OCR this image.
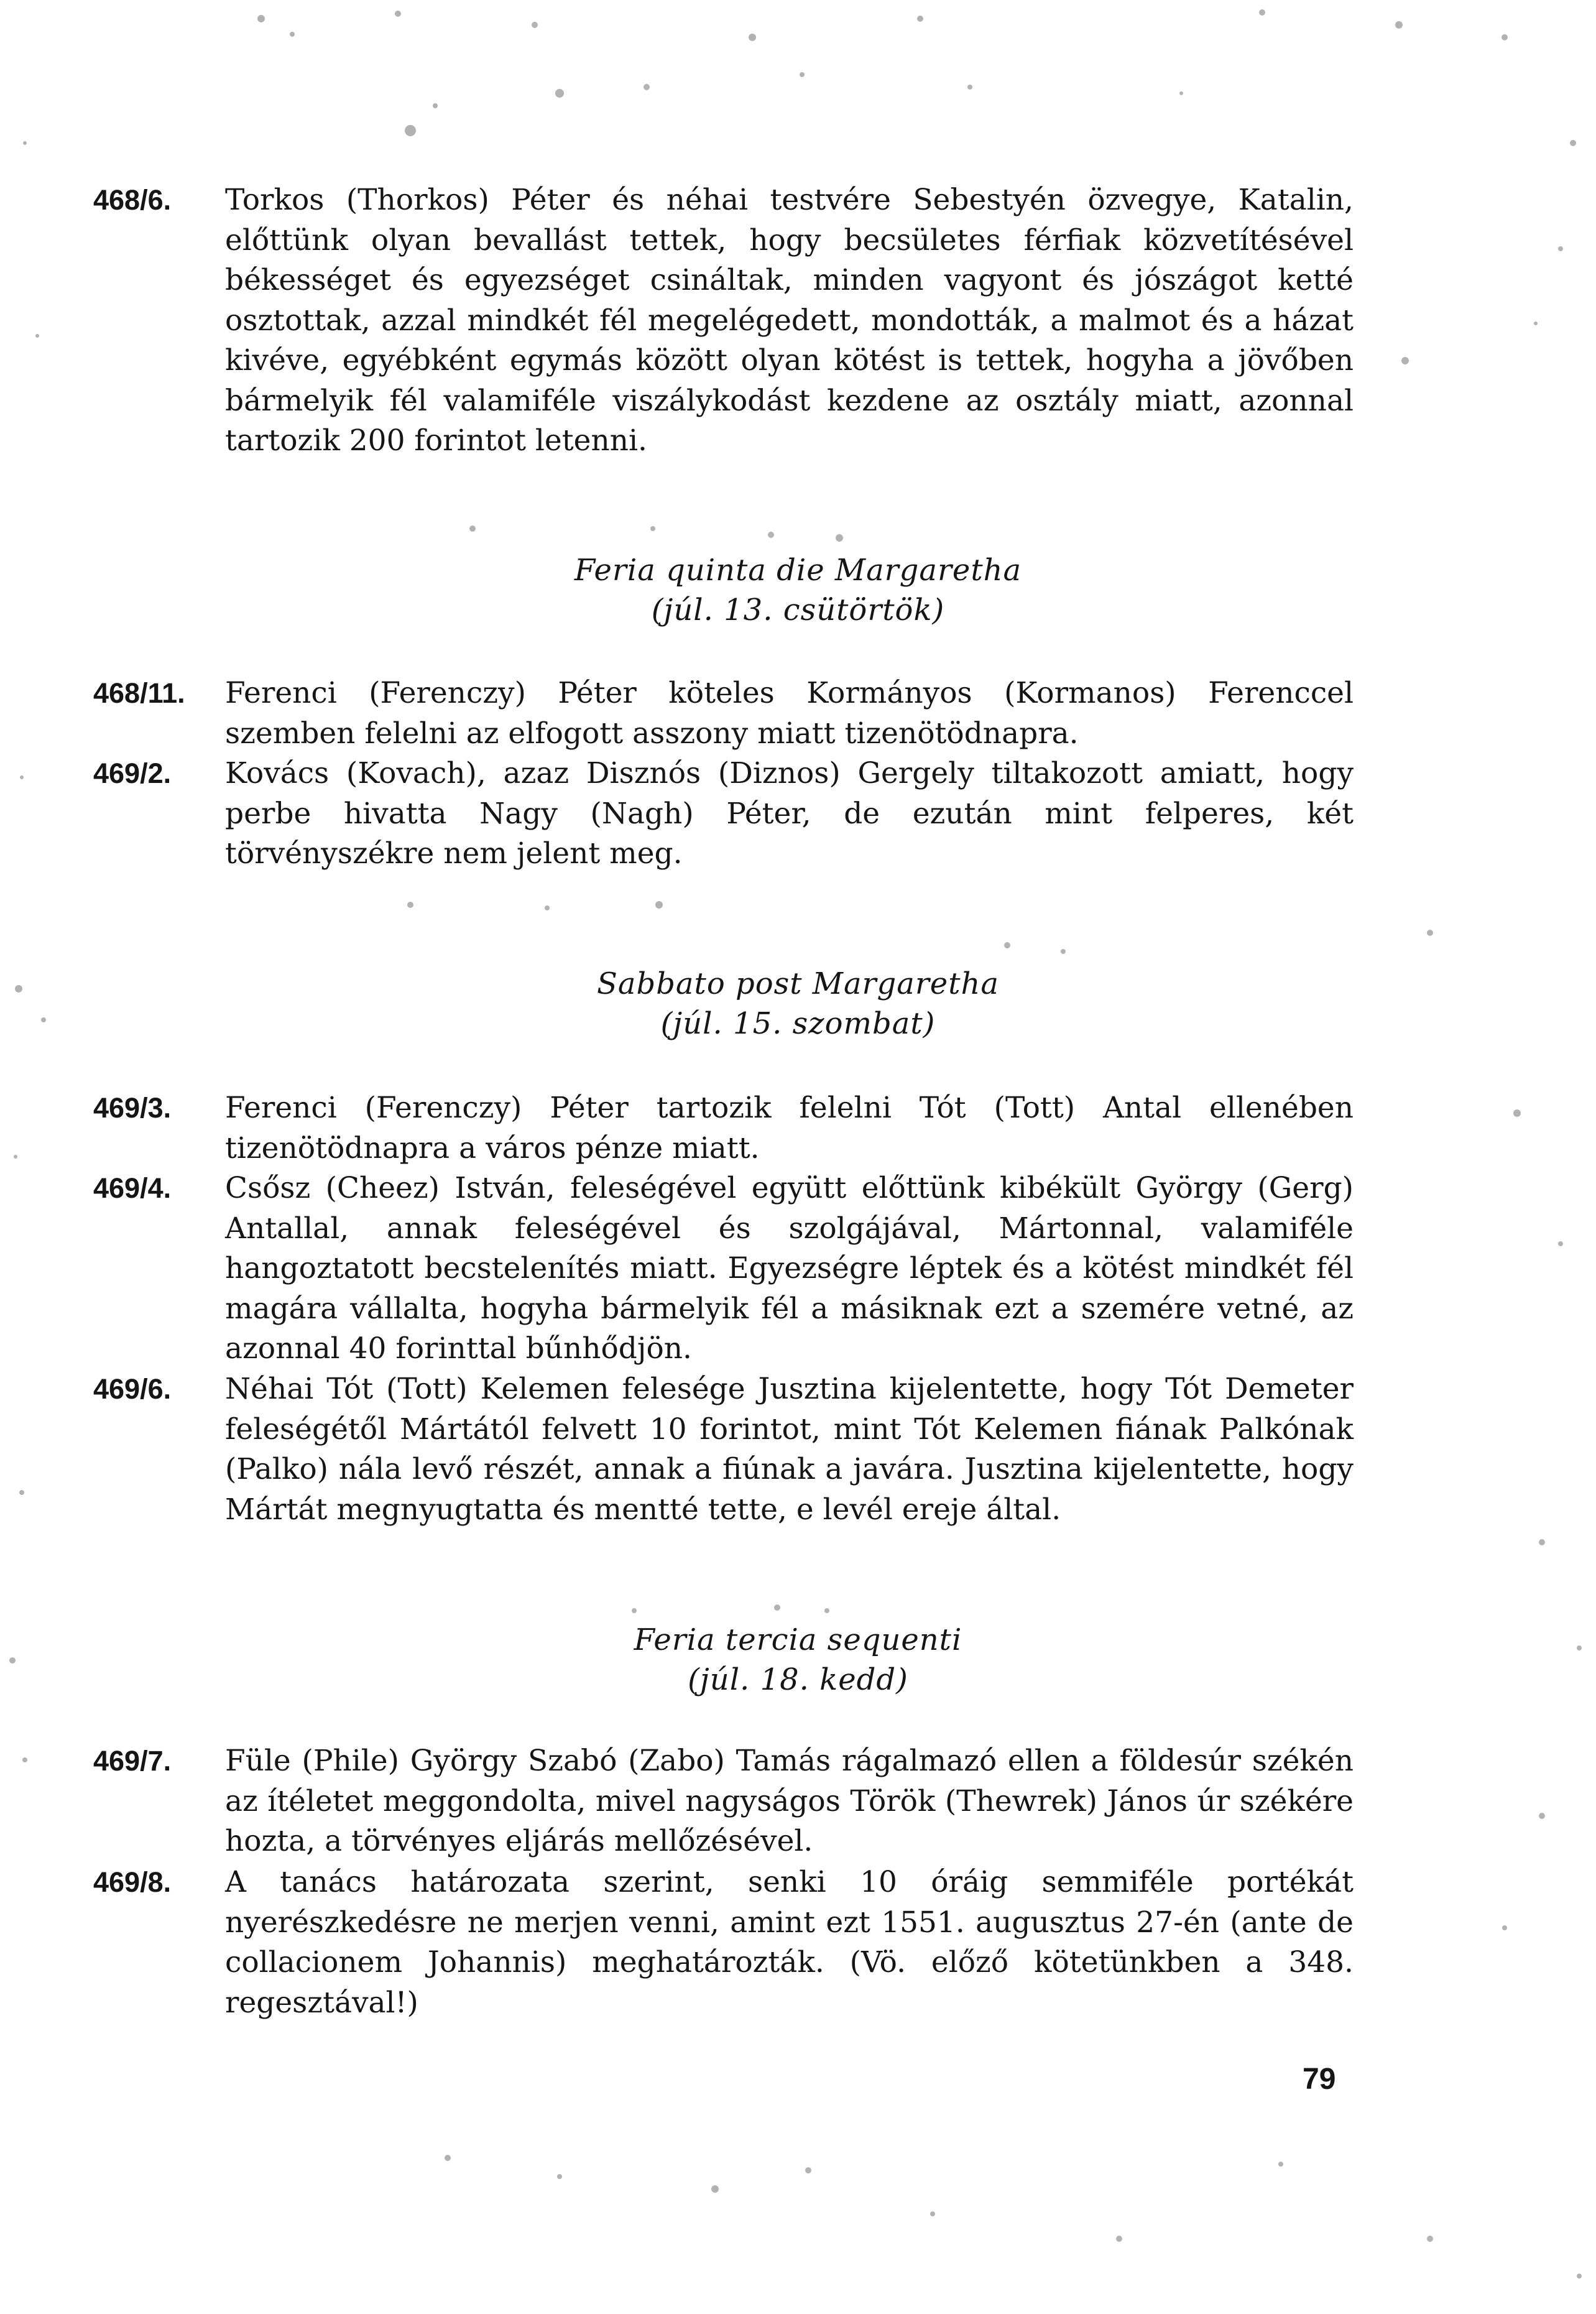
468/6.	Torkos (Thorkos) Péter és néhai testvére Sebestyén özvegye, Katalin, előttünk olyan bevallást tettek, hogy becsületes férfiak közvetítésével békességet és egyezséget csináltak, minden vagyont és jószágot ketté osztottak, azzal mindkét fél megelégedett, mondották, a malmot és a házat kivéve, egyébként egymás között olyan kötést is tettek, hogyha a jövőben bármelyik fél valamiféle viszálykodást kezdene az osztály miatt, azonnal tartozik 200 forintot letenni.
Feria quinta die Margaretha
(júl. 13. csütörtök)
468/11.	Ferenci (Ferenczy) Péter köteles Kormányos (Kormanos) Ferenccel szemben felelni az elfogott asszony miatt tizenötödnapra.
469/2.	Kovács (Kovach), azaz Disznós (Diznos) Gergely tiltakozott amiatt, hogy perbe hivatta Nagy (Nagh) Péter, de ezután mint felperes, két törvényszékre nem jelent meg.
Sabbato post Margaretha
(júl. 15. szombat)
469/3.	Ferenci (Ferenczy) Péter tartozik felelni Tót (Tott) Antal ellenében tizenötödnapra a város pénze miatt.
469/4.	Csősz (Cheez) István, feleségével együtt előttünk kibékült György (Gerg) Antallal, annak feleségével és szolgájával, Mártonnal, valamiféle hangoztatott becstelenítés miatt. Egyezségre léptek és a kötést mindkét fél magára vállalta, hogyha bármelyik fél a másiknak ezt a szemére vetné, az azonnal 40 forinttal bűnhődjön.
469/6.	Néhai Tót (Tott) Kelemen felesége Jusztina kijelentette, hogy Tót Demeter feleségétől Mártától felvett 10 forintot, mint Tót Kelemen fiának Palkónak (Palko) nála levő részét, annak a fiúnak a javára. Jusztina kijelentette, hogy Mártát megnyugtatta és mentté tette, e levél ereje által.
Feria tercia sequenti
(júl. 18. kedd)
469/7.	Füle (Phile) György Szabó (Zabo) Tamás rágalmazó ellen a földesúr székén az ítéletet meggondolta, mivel nagyságos Török (Thewrek) János úr székére hozta, a törvényes eljárás mellőzésével.
469/8.	A tanács határozata szerint, senki 10 óráig semmiféle portékát nyerészkedésre ne merjen venni, amint ezt 1551. augusztus 27-én (ante de collacionem Johannis) meghatározták. (Vö. előző kötetünkben a 348. regesztával!)
79
